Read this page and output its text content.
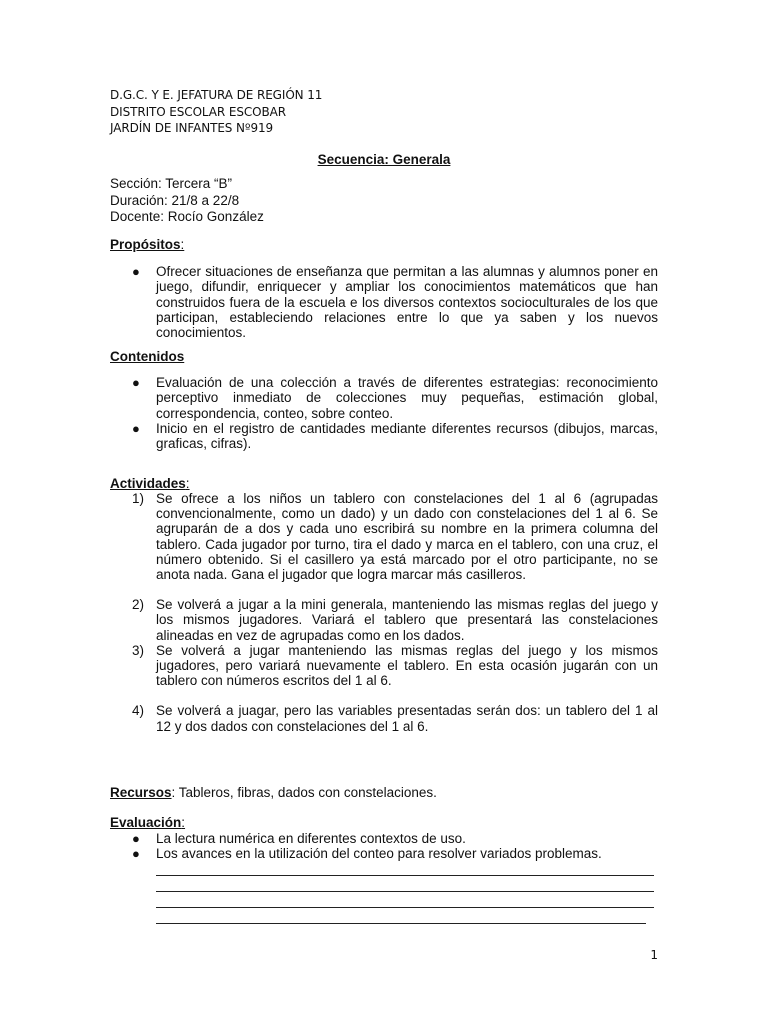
D.G.C. Y E. JEFATURA DE REGIÓN 11
DISTRITO ESCOLAR ESCOBAR
JARDÍN DE INFANTES Nº919
Secuencia: Generala
Sección: Tercera “B”
Duración: 21/8 a 22/8
Docente: Rocío González
Propósitos:
● Ofrecer situaciones de enseñanza que permitan a las alumnas y alumnos poner en juego, difundir, enriquecer y ampliar los conocimientos matemáticos que han construidos fuera de la escuela e los diversos contextos socioculturales de los que participan, estableciendo relaciones entre lo que ya saben y los nuevos conocimientos.
Contenidos
● Evaluación de una colección a través de diferentes estrategias: reconocimiento perceptivo inmediato de colecciones muy pequeñas, estimación global, correspondencia, conteo, sobre conteo.
● Inicio en el registro de cantidades mediante diferentes recursos (dibujos, marcas, graficas, cifras).
Actividades:
1) Se ofrece a los niños un tablero con constelaciones del 1 al 6 (agrupadas convencionalmente, como un dado) y un dado con constelaciones del 1 al 6. Se agruparán de a dos y cada uno escribirá su nombre en la primera columna del tablero. Cada jugador por turno, tira el dado y marca en el tablero, con una cruz, el número obtenido. Si el casillero ya está marcado por el otro participante, no se anota nada. Gana el jugador que logra marcar más casilleros.
2) Se volverá a jugar a la mini generala, manteniendo las mismas reglas del juego y los mismos jugadores. Variará el tablero que presentará las constelaciones alineadas en vez de agrupadas como en los dados.
3) Se volverá a jugar manteniendo las mismas reglas del juego y los mismos jugadores, pero variará nuevamente el tablero. En esta ocasión jugarán con un tablero con números escritos del 1 al 6.
4) Se volverá a juagar, pero las variables presentadas serán dos: un tablero del 1 al 12 y dos dados con constelaciones del 1 al 6.
Recursos: Tableros, fibras, dados con constelaciones.
Evaluación:
● La lectura numérica en diferentes contextos de uso.
● Los avances en la utilización del conteo para resolver variados problemas.
1
